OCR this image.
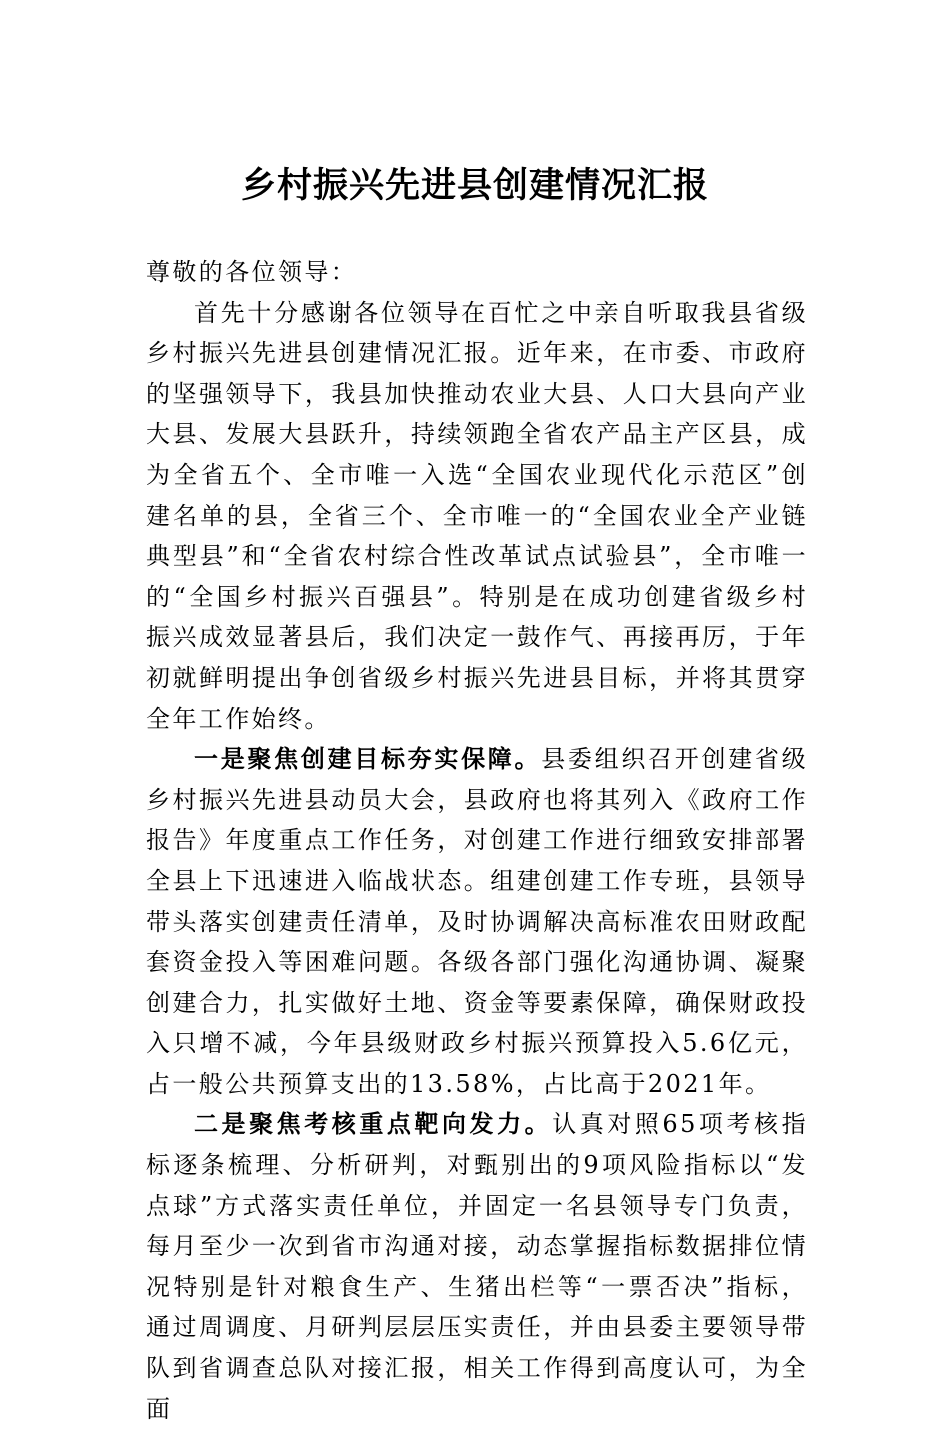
乡村振兴先进县创建情况汇报

尊敬的各位领导：

首先十分感谢各位领导在百忙之中亲自听取我县省级乡村振兴先进县创建情况汇报。近年来，在市委、市政府的坚强领导下，我县加快推动农业大县、人口大县向产业大县、发展大县跃升，持续领跑全省农产品主产区县，成为全省五个、全市唯一入选“全国农业现代化示范区”创建名单的县，全省三个、全市唯一的“全国农业全产业链典型县”和“全省农村综合性改革试点试验县”，全市唯一的“全国乡村振兴百强县”。特别是在成功创建省级乡村振兴成效显著县后，我们决定一鼓作气、再接再厉，于年初就鲜明提出争创省级乡村振兴先进县目标，并将其贯穿全年工作始终。

一是聚焦创建目标夯实保障。县委组织召开创建省级乡村振兴先进县动员大会，县政府也将其列入《政府工作报告》年度重点工作任务，对创建工作进行细致安排部署全县上下迅速进入临战状态。组建创建工作专班，县领导带头落实创建责任清单，及时协调解决高标准农田财政配套资金投入等困难问题。各级各部门强化沟通协调、凝聚创建合力，扎实做好土地、资金等要素保障，确保财政投入只增不减，今年县级财政乡村振兴预算投入5.6亿元，占一般公共预算支出的13.58%，占比高于2021年。

二是聚焦考核重点靶向发力。认真对照65项考核指标逐条梳理、分析研判，对甄别出的9项风险指标以“发点球”方式落实责任单位，并固定一名县领导专门负责，每月至少一次到省市沟通对接，动态掌握指标数据排位情况特别是针对粮食生产、生猪出栏等“一票否决”指标，通过周调度、月研判层层压实责任，并由县委主要领导带队到省调查总队对接汇报，相关工作得到高度认可，为全面
